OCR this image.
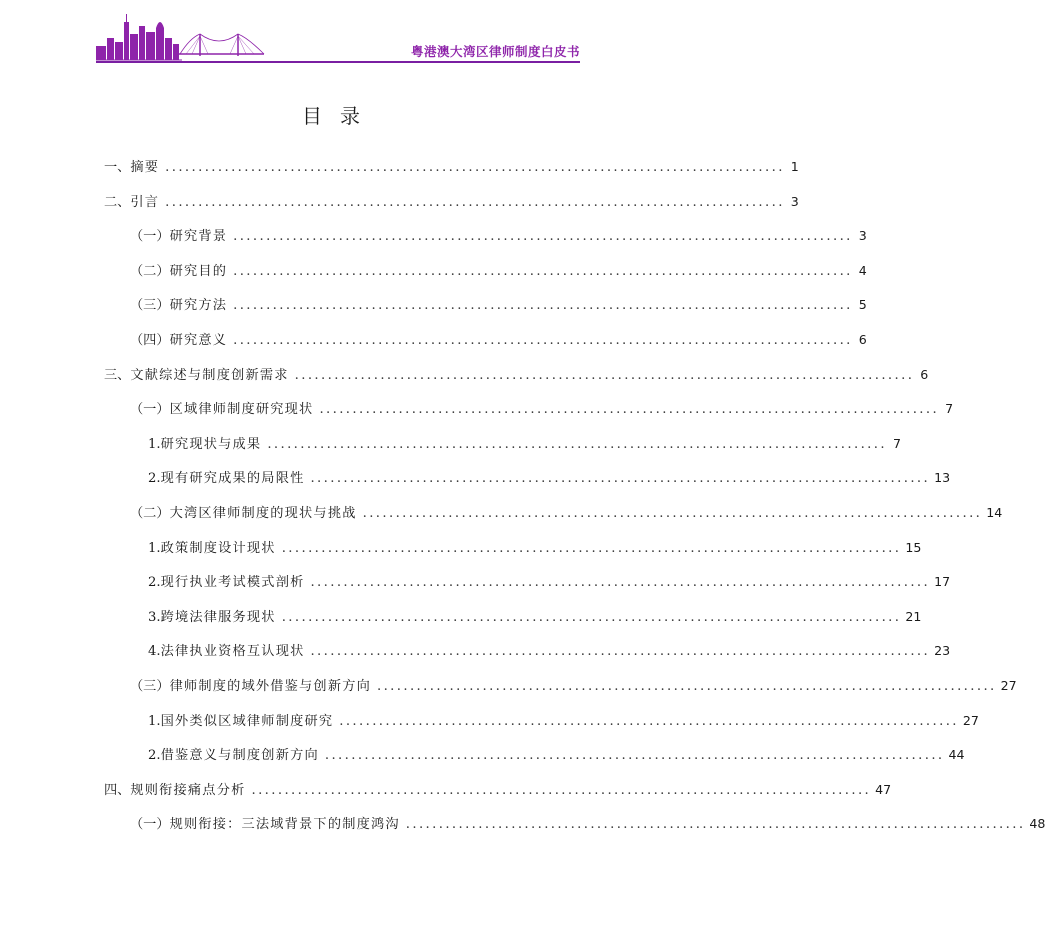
粤港澳大湾区律师制度白皮书
目录
一、 摘要 .............................................................................................. 1
二、 引言 .............................................................................................. 3
（一） 研究背景 .............................................................................................. 3
（二） 研究目的 .............................................................................................. 4
（三） 研究方法 .............................................................................................. 5
（四） 研究意义 .............................................................................................. 6
三、 文献综述与制度创新需求 .............................................................................................. 6
（一） 区域律师制度研究现状 .............................................................................................. 7
1. 研究现状与成果 .............................................................................................. 7
2. 现有研究成果的局限性 .............................................................................................. 13
（二） 大湾区律师制度的现状与挑战 .............................................................................................. 14
1. 政策制度设计现状 .............................................................................................. 15
2. 现行执业考试模式剖析 .............................................................................................. 17
3. 跨境法律服务现状 .............................................................................................. 21
4. 法律执业资格互认现状 .............................................................................................. 23
（三） 律师制度的域外借鉴与创新方向 .............................................................................................. 27
1. 国外类似区域律师制度研究 .............................................................................................. 27
2. 借鉴意义与制度创新方向 .............................................................................................. 44
四、 规则衔接痛点分析 .............................................................................................. 47
（一） 规则衔接：三法域背景下的制度鸿沟 .............................................................................................. 48
